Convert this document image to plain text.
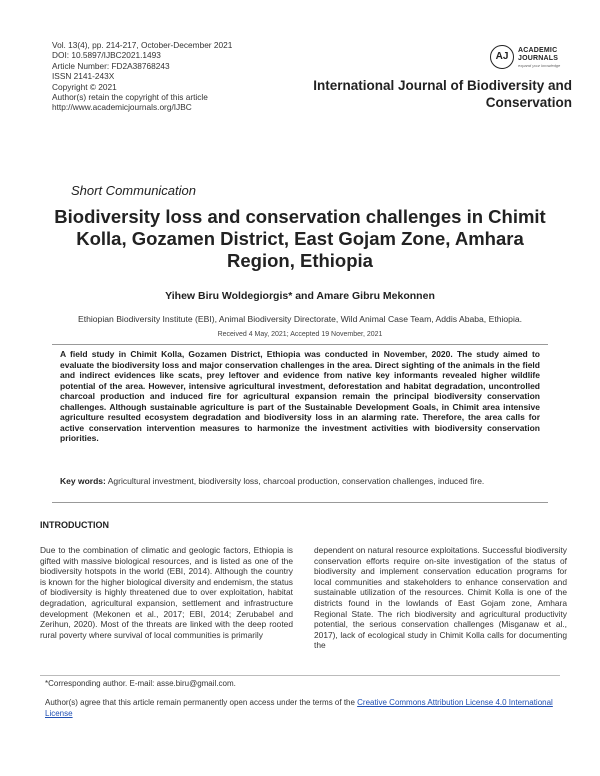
Vol. 13(4), pp. 214-217, October-December 2021
DOI: 10.5897/IJBC2021.1493
Article Number: FD2A38768243
ISSN 2141-243X
Copyright © 2021
Author(s) retain the copyright of this article
http://www.academicjournals.org/IJBC
AJ
ACADEMIC
JOURNALS
expand your knowledge
International Journal of Biodiversity and Conservation
Short Communication
Biodiversity loss and conservation challenges in Chimit Kolla, Gozamen District, East Gojam Zone, Amhara Region, Ethiopia
Yihew Biru Woldegiorgis* and Amare Gibru Mekonnen
Ethiopian Biodiversity Institute (EBI), Animal Biodiversity Directorate, Wild Animal Case Team, Addis Ababa, Ethiopia.
Received 4 May, 2021; Accepted 19 November, 2021
A field study in Chimit Kolla, Gozamen District, Ethiopia was conducted in November, 2020. The study aimed to evaluate the biodiversity loss and major conservation challenges in the area. Direct sighting of the animals in the field and indirect evidences like scats, prey leftover and evidence from native key informants revealed higher wildlife potential of the area. However, intensive agricultural investment, deforestation and habitat degradation, uncontrolled charcoal production and induced fire for agricultural expansion remain the principal biodiversity conservation challenges. Although sustainable agriculture is part of the Sustainable Development Goals, in Chimit area intensive agriculture resulted ecosystem degradation and biodiversity loss in an alarming rate. Therefore, the area calls for active conservation intervention measures to harmonize the investment activities with biodiversity conservation priorities.
Key words: Agricultural investment, biodiversity loss, charcoal production, conservation challenges, induced fire.
INTRODUCTION
Due to the combination of climatic and geologic factors, Ethiopia is gifted with massive biological resources, and is listed as one of the biodiversity hotspots in the world (EBI, 2014). Although the country is known for the higher biological diversity and endemism, the status of biodiversity is highly threatened due to over exploitation, habitat degradation, agricultural expansion, settlement and infrastructure development (Mekonen et al., 2017; EBI, 2014; Zerubabel and Zerihun, 2020). Most of the threats are linked with the deep rooted rural poverty where survival of local communities is primarily
dependent on natural resource exploitations. Successful biodiversity conservation efforts require on-site investigation of the status of biodiversity and implement conservation education programs for local communities and stakeholders to enhance conservation and sustainable utilization of the resources. Chimit Kolla is one of the districts found in the lowlands of East Gojam zone, Amhara Regional State. The rich biodiversity and agricultural productivity potential, the serious conservation challenges (Misganaw et al., 2017), lack of ecological study in Chimit Kolla calls for documenting the
*Corresponding author. E-mail: asse.biru@gmail.com.
Author(s) agree that this article remain permanently open access under the terms of the Creative Commons Attribution License 4.0 International License
